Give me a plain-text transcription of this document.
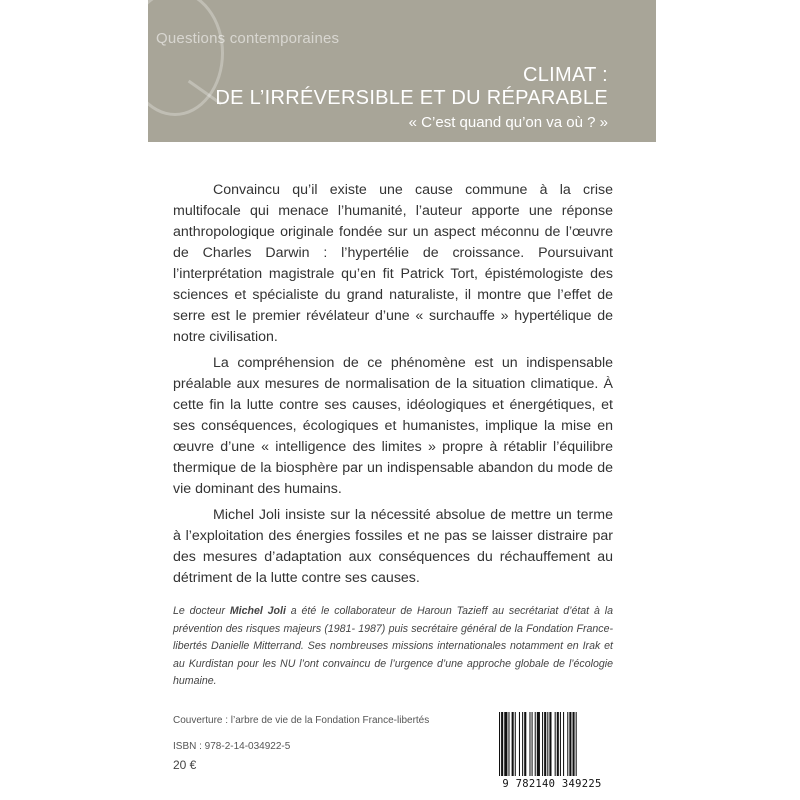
Questions contemporaines
CLIMAT :
DE L’IRRÉVERSIBLE ET DU RÉPARABLE
« C’est quand qu’on va où ? »

Convaincu qu’il existe une cause commune à la crise multifocale qui menace l’humanité, l’auteur apporte une réponse anthropologique originale fondée sur un aspect méconnu de l’œuvre de Charles Darwin : l’hypertélie de croissance. Poursuivant l’interprétation magistrale qu’en fit Patrick Tort, épistémologiste des sciences et spécialiste du grand naturaliste, il montre que l’effet de serre est le premier révélateur d’une « surchauffe » hypertélique de notre civilisation.

La compréhension de ce phénomène est un indispensable préalable aux mesures de normalisation de la situation climatique. À cette fin la lutte contre ses causes, idéologiques et énergétiques, et ses conséquences, écologiques et humanistes, implique la mise en œuvre d’une « intelligence des limites » propre à rétablir l’équilibre thermique de la biosphère par un indispensable abandon du mode de vie dominant des humains.

Michel Joli insiste sur la nécessité absolue de mettre un terme à l’exploitation des énergies fossiles et ne pas se laisser distraire par des mesures d’adaptation aux conséquences du réchauffement au détriment de la lutte contre ses causes.

Le docteur Michel Joli a été le collaborateur de Haroun Tazieff au secrétariat d’état à la prévention des risques majeurs (1981- 1987) puis secrétaire général de la Fondation France-libertés Danielle Mitterrand. Ses nombreuses missions internationales notamment en Irak et au Kurdistan pour les NU l’ont convaincu de l’urgence d’une approche globale de l’écologie humaine.
Couverture : l’arbre de vie de la Fondation France-libertés
ISBN : 978-2-14-034922-5
20 €
9 782140 349225
